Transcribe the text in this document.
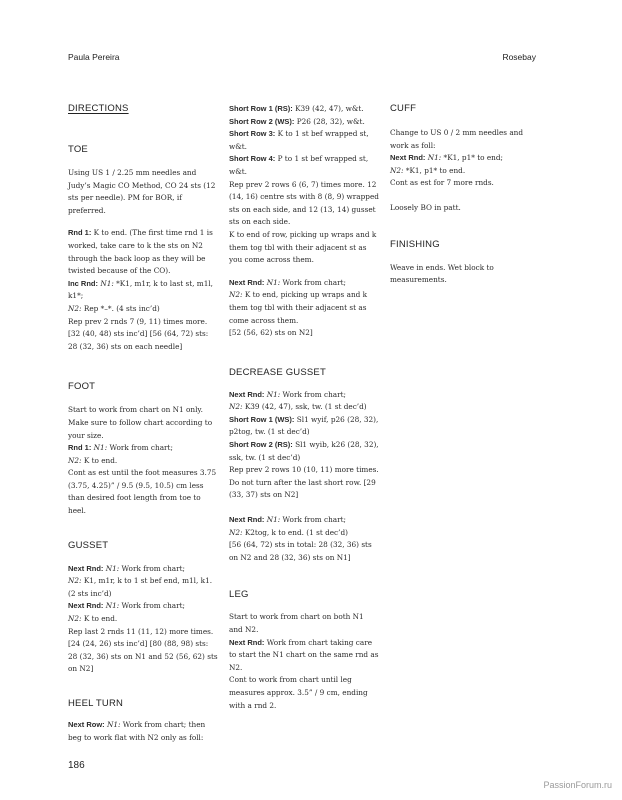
Paula Pereira	Rosebay

DIRECTIONS

TOE

Using US 1 / 2.25 mm needles and Judy’s Magic CO Method, CO 24 sts (12 sts per needle). PM for BOR, if preferred.

Rnd 1: K to end. (The first time rnd 1 is worked, take care to k the sts on N2 through the back loop as they will be twisted because of the CO).

Inc Rnd: N1: *K1, m1r, k to last st, m1l, k1*;
N2: Rep *–*. (4 sts inc’d)

Rep prev 2 rnds 7 (9, 11) times more. [32 (40, 48) sts inc’d] [56 (64, 72) sts: 28 (32, 36) sts on each needle]

FOOT

Start to work from chart on N1 only. Make sure to follow chart according to your size.

Rnd 1: N1: Work from chart;
N2: K to end.

Cont as est until the foot measures 3.75 (3.75, 4.25)” / 9.5 (9.5, 10.5) cm less than desired foot length from toe to heel.

GUSSET

Next Rnd: N1: Work from chart;
N2: K1, m1r, k to 1 st bef end, m1l, k1. (2 sts inc’d)

Next Rnd: N1: Work from chart;
N2: K to end.

Rep last 2 rnds 11 (11, 12) more times. [24 (24, 26) sts inc’d] [80 (88, 98) sts: 28 (32, 36) sts on N1 and 52 (56, 62) sts on N2]

HEEL TURN

Next Row: N1: Work from chart; then beg to work flat with N2 only as foll:

Short Row 1 (RS): K39 (42, 47), w&t.

Short Row 2 (WS): P26 (28, 32), w&t.

Short Row 3: K to 1 st bef wrapped st, w&t.

Short Row 4: P to 1 st bef wrapped st, w&t.

Rep prev 2 rows 6 (6, 7) times more. 12 (14, 16) centre sts with 8 (8, 9) wrapped sts on each side, and 12 (13, 14) gusset sts on each side.

K to end of row, picking up wraps and k them tog tbl with their adjacent st as you come across them.

Next Rnd: N1: Work from chart;
N2: K to end, picking up wraps and k them tog tbl with their adjacent st as come across them.

[52 (56, 62) sts on N2]

DECREASE GUSSET

Next Rnd: N1: Work from chart;
N2: K39 (42, 47), ssk, tw. (1 st dec’d)

Short Row 1 (WS): Sl1 wyif, p26 (28, 32), p2tog, tw. (1 st dec’d)

Short Row 2 (RS): Sl1 wyib, k26 (28, 32), ssk, tw. (1 st dec’d)

Rep prev 2 rows 10 (10, 11) more times. Do not turn after the last short row. [29 (33, 37) sts on N2]

Next Rnd: N1: Work from chart;
N2: K2tog, k to end. (1 st dec’d)

[56 (64, 72) sts in total: 28 (32, 36) sts on N2 and 28 (32, 36) sts on N1]

LEG

Start to work from chart on both N1 and N2.

Next Rnd: Work from chart taking care to start the N1 chart on the same rnd as N2.

Cont to work from chart until leg measures approx. 3.5” / 9 cm, ending with a rnd 2.

CUFF

Change to US 0 / 2 mm needles and work as foll:

Next Rnd: N1: *K1, p1* to end;
N2: *K1, p1* to end.

Cont as est for 7 more rnds.

Loosely BO in patt.

FINISHING

Weave in ends. Wet block to measurements.

186
PassionForum.ru
